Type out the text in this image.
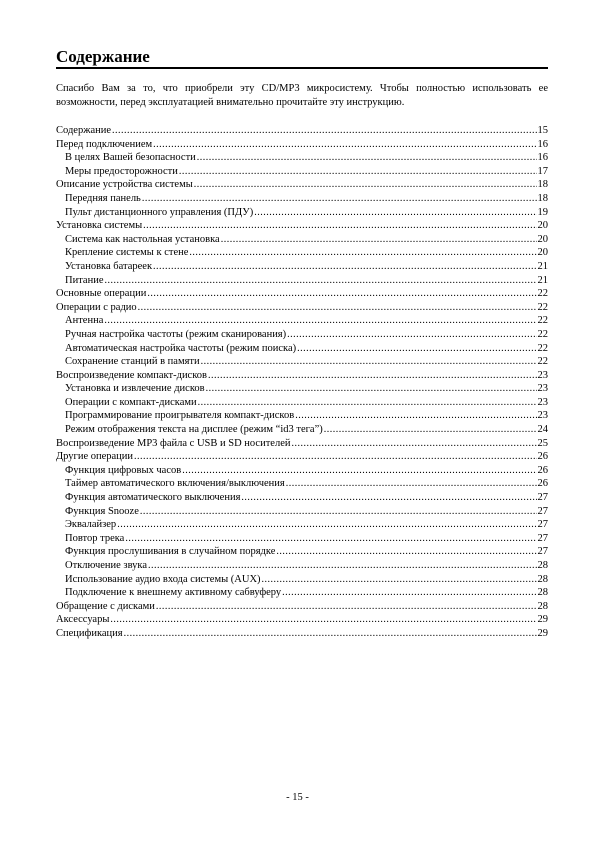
Содержание
Спасибо Вам за то, что приобрели эту CD/MP3 микросистему. Чтобы полностью использовать ее возможности, перед эксплуатацией внимательно прочитайте эту инструкцию.
Содержание .....	15
Перед подключением .....	16
В целях Вашей безопасности .....	16
Меры предосторожности .....	17
Описание устройства системы .....	18
Передняя панель .....	18
Пульт дистанционного управления (ПДУ) .....	19
Установка системы .....	20
Система как настольная установка .....	20
Крепление системы к стене .....	20
Установка батареек .....	21
Питание .....	21
Основные операции .....	22
Операции с радио .....	22
Антенна .....	22
Ручная настройка частоты (режим сканирования) .....	22
Автоматическая настройка частоты (режим поиска) .....	22
Сохранение станций в памяти .....	22
Воспроизведение компакт-дисков .....	23
Установка и извлечение дисков .....	23
Операции с компакт-дисками .....	23
Программирование проигрывателя компакт-дисков .....	23
Режим отображения текста на дисплее (режим “id3 тега”) .....	24
Воспроизведение MP3 файла с USB и SD носителей .....	25
Другие операции .....	26
Функция цифровых часов .....	26
Таймер автоматического включения/выключения .....	26
Функция автоматического выключения .....	27
Функция Snooze .....	27
Эквалайзер .....	27
Повтор трека .....	27
Функция прослушивания в случайном порядке .....	27
Отключение звука .....	28
Использование аудио входа системы (AUX) .....	28
Подключение к внешнему активному сабвуферу .....	28
Обращение с дисками .....	28
Аксессуары .....	29
Спецификация .....	29
- 15 -
